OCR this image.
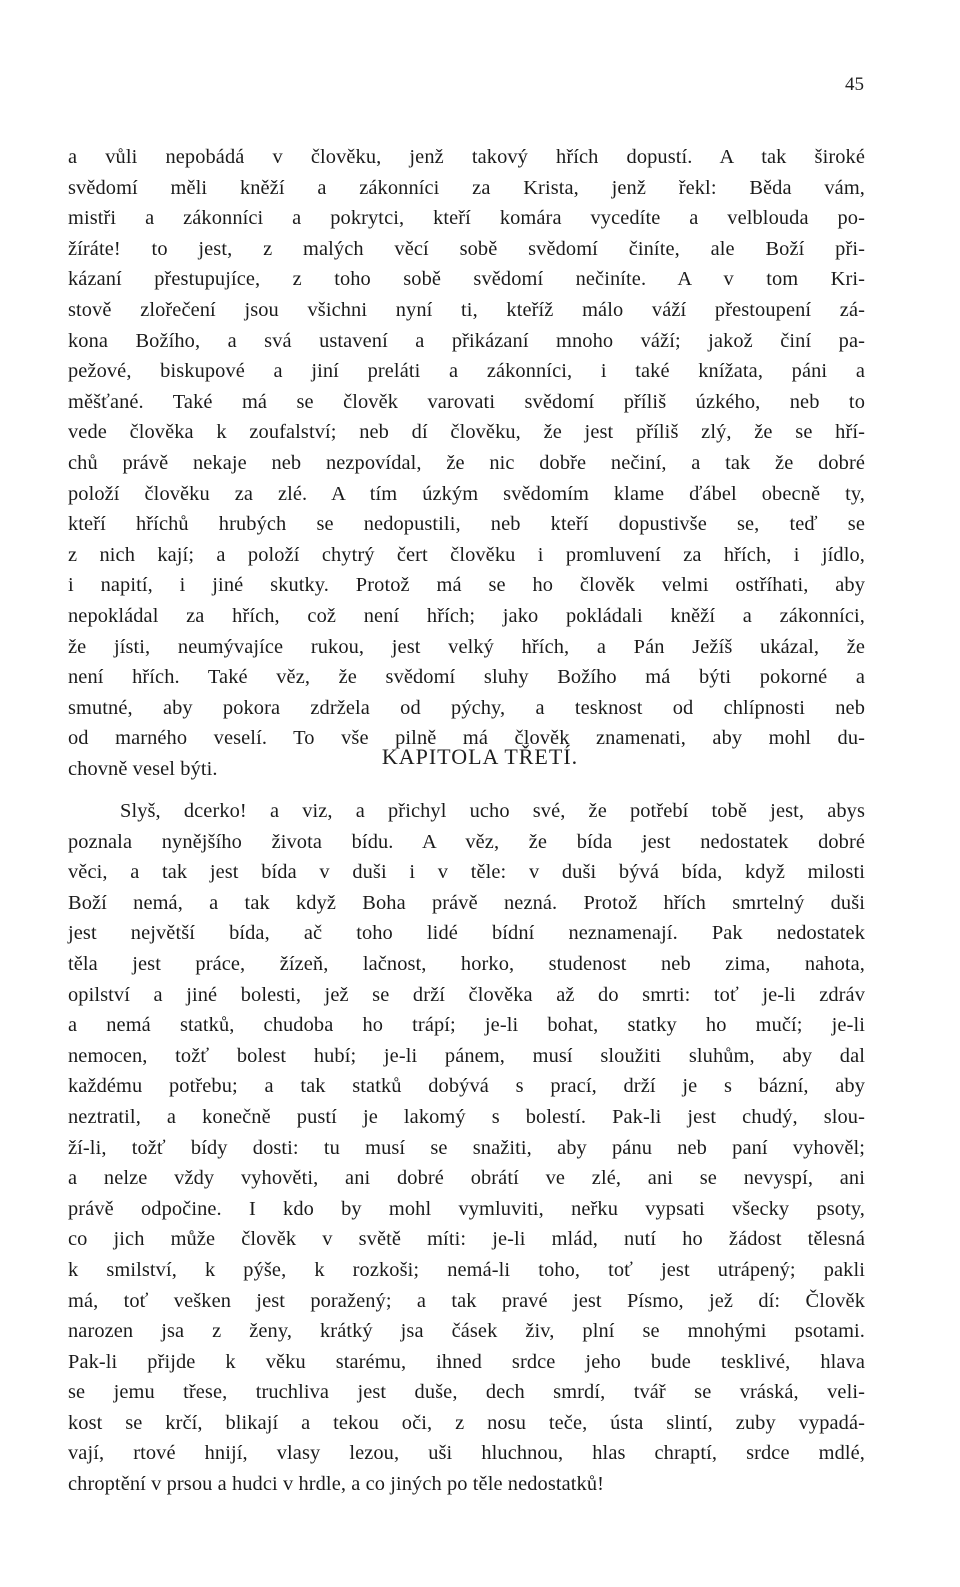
45
a vůli nepobádá v člověku, jenž takový hřích dopustí. A tak široké
svědomí měli kněží a zákonníci za Krista, jenž řekl: Běda vám,
mistři a zákonníci a pokrytci, kteří komára vycedíte a velblouda po-
žíráte! to jest, z malých věcí sobě svědomí činíte, ale Boží při-
kázaní přestupujíce, z toho sobě svědomí nečiníte. A v tom Kri-
stově zlořečení jsou všichni nyní ti, kteříž málo váží přestoupení zá-
kona Božího, a svá ustavení a přikázaní mnoho váží; jakož činí pa-
pežové, biskupové a jiní preláti a zákonníci, i také knížata, páni a
měšťané. Také má se člověk varovati svědomí příliš úzkého, neb to
vede člověka k zoufalství; neb dí člověku, že jest příliš zlý, že se hří-
chů právě nekaje neb nezpovídal, že nic dobře nečiní, a tak že dobré
položí člověku za zlé. A tím úzkým svědomím klame ďábel obecně ty,
kteří hříchů hrubých se nedopustili, neb kteří dopustivše se, teď se
z nich kají; a položí chytrý čert člověku i promluvení za hřích, i jídlo,
i napití, i jiné skutky. Protož má se ho člověk velmi ostříhati, aby
nepokládal za hřích, což není hřích; jako pokládali kněží a zákonníci,
že jísti, neumývajíce rukou, jest velký hřích, a Pán Ježíš ukázal, že
není hřích. Také věz, že svědomí sluhy Božího má býti pokorné a
smutné, aby pokora zdržela od pýchy, a tesknost od chlípnosti neb
od marného veselí. To vše pilně má člověk znamenati, aby mohl du-
chovně vesel býti.	KAPITOLA TŘETÍ.
Slyš, dcerko! a viz, a přichyl ucho své, že potřebí tobě jest, abys
poznala nynějšího života bídu. A věz, že bída jest nedostatek dobré
věci, a tak jest bída v duši i v těle: v duši bývá bída, když milosti
Boží nemá, a tak když Boha právě nezná. Protož hřích smrtelný duši
jest největší bída, ač toho lidé bídní neznamenají. Pak nedostatek
těla jest práce, žízeň, lačnost, horko, studenost neb zima, nahota,
opilství a jiné bolesti, jež se drží člověka až do smrti: toť je-li zdráv
a nemá statků, chudoba ho trápí; je-li bohat, statky ho mučí; je-li
nemocen, tožť bolest hubí; je-li pánem, musí sloužiti sluhům, aby dal
každému potřebu; a tak statků dobývá s prací, drží je s bázní, aby
neztratil, a konečně pustí je lakomý s bolestí. Pak-li jest chudý, slou-
ží-li, tožť bídy dosti: tu musí se snažiti, aby pánu neb paní vyhověl;
a nelze vždy vyhověti, ani dobré obrátí ve zlé, ani se nevyspí, ani
právě odpočine. I kdo by mohl vymluviti, neřku vypsati všecky psoty,
co jich může člověk v světě míti: je-li mlád, nutí ho žádost tělesná
k smilství, k pýše, k rozkoši; nemá-li toho, toť jest utrápený; pakli
má, toť vešken jest poražený; a tak pravé jest Písmo, jež dí: Člověk
narozen jsa z ženy, krátký jsa čásek živ, plní se mnohými psotami.
Pak-li přijde k věku starému, ihned srdce jeho bude tesklivé, hlava
se jemu třese, truchliva jest duše, dech smrdí, tvář se vráská, veli-
kost se krčí, blikají a tekou oči, z nosu teče, ústa slintí, zuby vypadá-
vají, rtové hnijí, vlasy lezou, uši hluchnou, hlas chraptí, srdce mdlé,
chroptění v prsou a hudci v hrdle, a co jiných po těle nedostatků!
